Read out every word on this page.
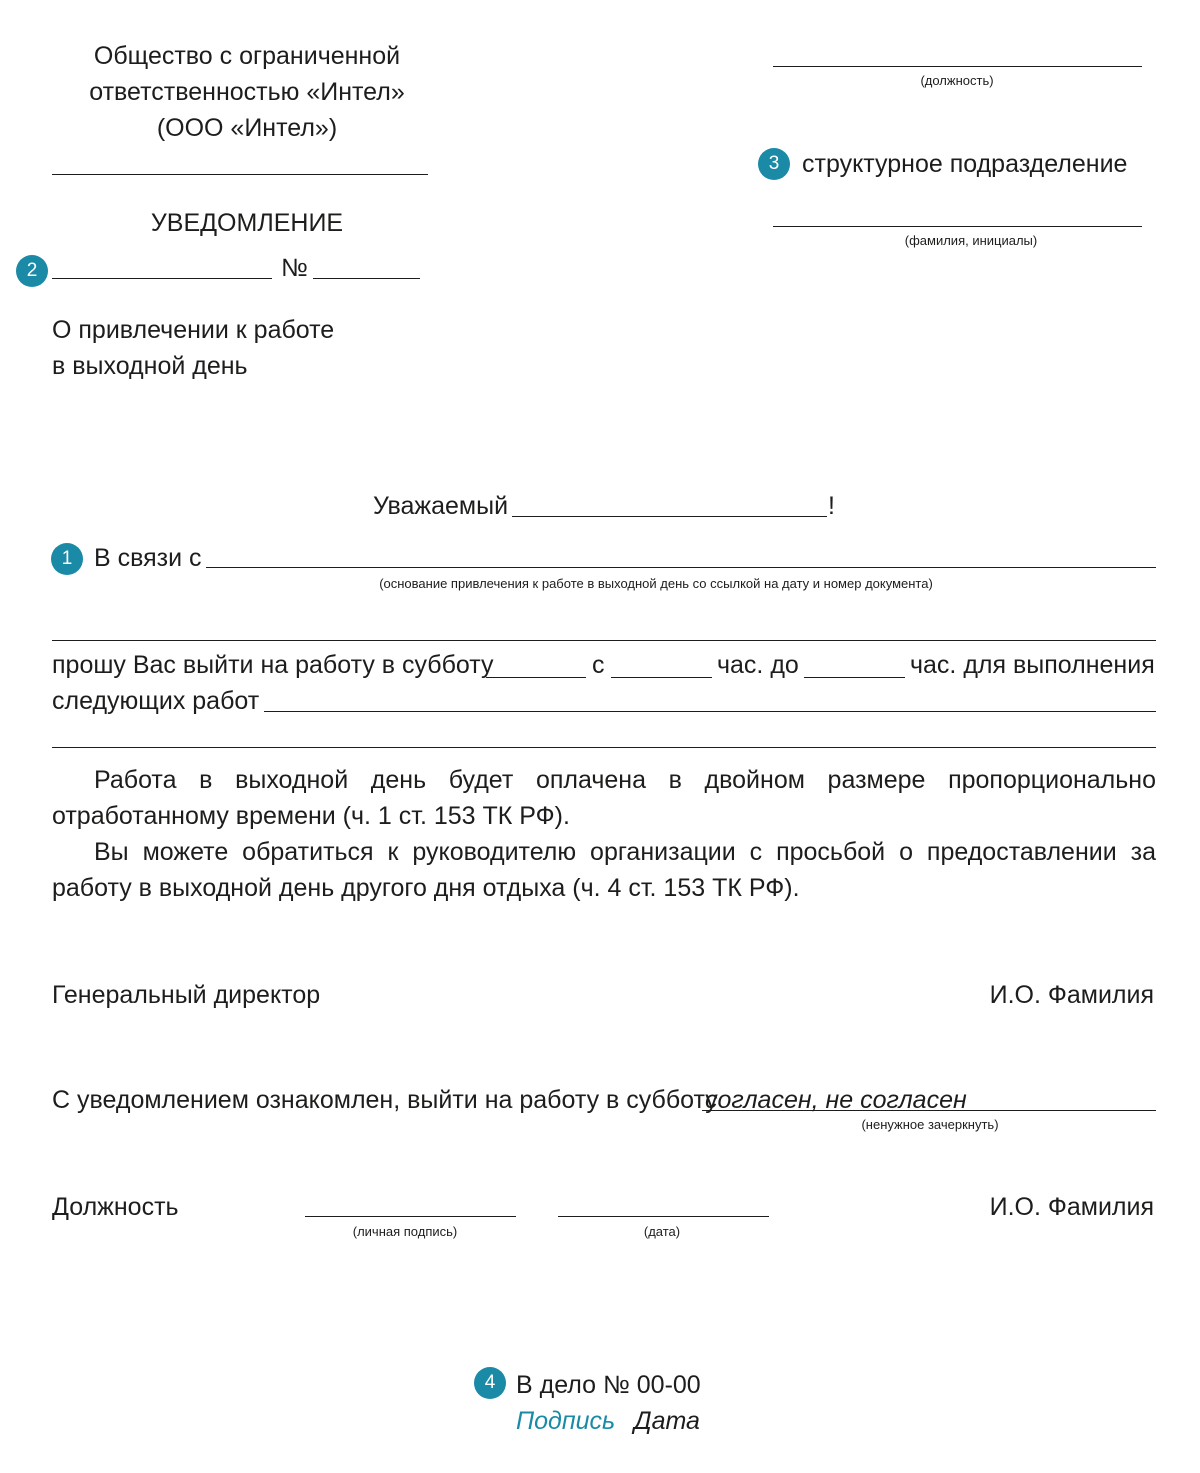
Общество с ограниченной
ответственностью «Интел»
(ООО «Интел»)
(должность)
3 структурное подразделение
(фамилия, инициалы)
УВЕДОМЛЕНИЕ
2	№
О привлечении к работе
в выходной день
Уважаемый	!
1 В связи с
(основание привлечения к работе в выходной день со ссылкой на дату и номер документа)
прошу Вас выйти на работу в субботу	с	час. до	час. для выполнения
следующих работ
Работа в выходной день будет оплачена в двойном размере пропорционально отработанному времени (ч. 1 ст. 153 ТК РФ).
Вы можете обратиться к руководителю организации с просьбой о предоставлении за работу в выходной день другого дня отдыха (ч. 4 ст. 153 ТК РФ).
Генеральный директор	И.О. Фамилия
С уведомлением ознакомлен, выйти на работу в субботу
согласен, не согласен
(ненужное зачеркнуть)
Должность
(личная подпись)	(дата)
И.О. Фамилия
4 В дело № 00-00
Подпись Дата
